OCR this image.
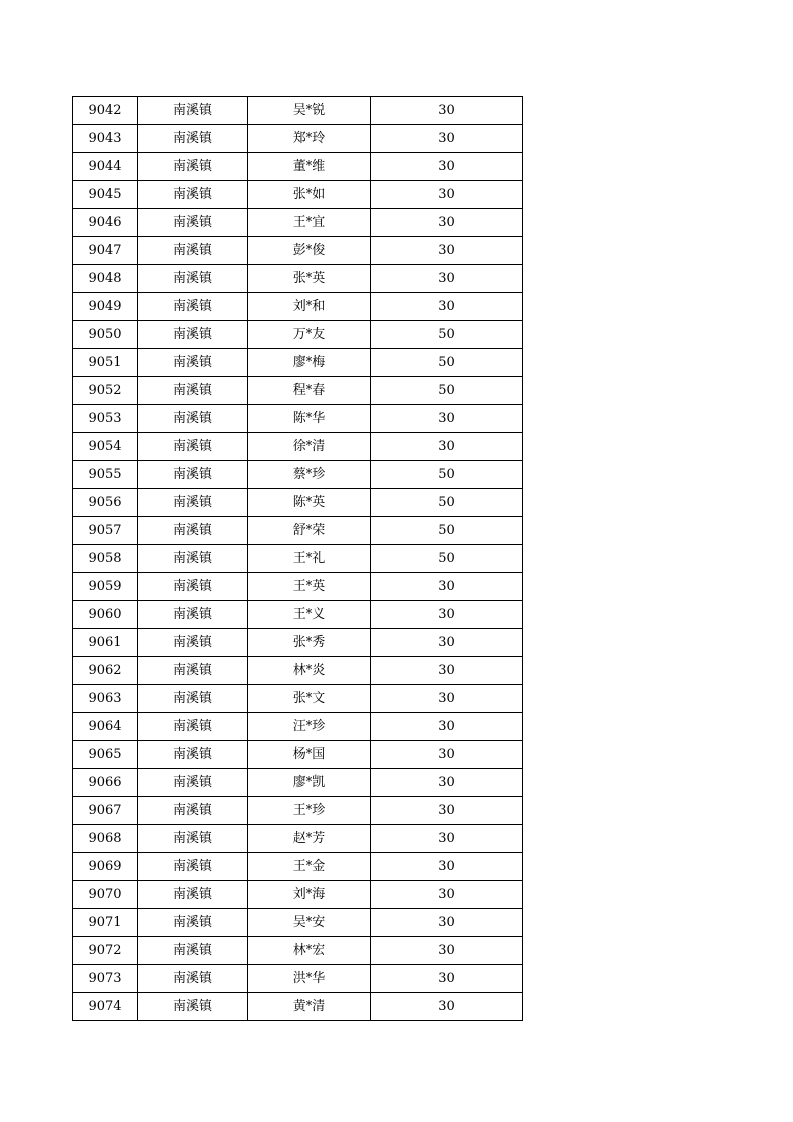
9042	南溪镇	吴*锐	30
9043	南溪镇	郑*玲	30
9044	南溪镇	董*维	30
9045	南溪镇	张*如	30
9046	南溪镇	王*宜	30
9047	南溪镇	彭*俊	30
9048	南溪镇	张*英	30
9049	南溪镇	刘*和	30
9050	南溪镇	万*友	50
9051	南溪镇	廖*梅	50
9052	南溪镇	程*春	50
9053	南溪镇	陈*华	30
9054	南溪镇	徐*清	30
9055	南溪镇	蔡*珍	50
9056	南溪镇	陈*英	50
9057	南溪镇	舒*荣	50
9058	南溪镇	王*礼	50
9059	南溪镇	王*英	30
9060	南溪镇	王*义	30
9061	南溪镇	张*秀	30
9062	南溪镇	林*炎	30
9063	南溪镇	张*文	30
9064	南溪镇	汪*珍	30
9065	南溪镇	杨*国	30
9066	南溪镇	廖*凯	30
9067	南溪镇	王*珍	30
9068	南溪镇	赵*芳	30
9069	南溪镇	王*金	30
9070	南溪镇	刘*海	30
9071	南溪镇	吴*安	30
9072	南溪镇	林*宏	30
9073	南溪镇	洪*华	30
9074	南溪镇	黄*清	30
